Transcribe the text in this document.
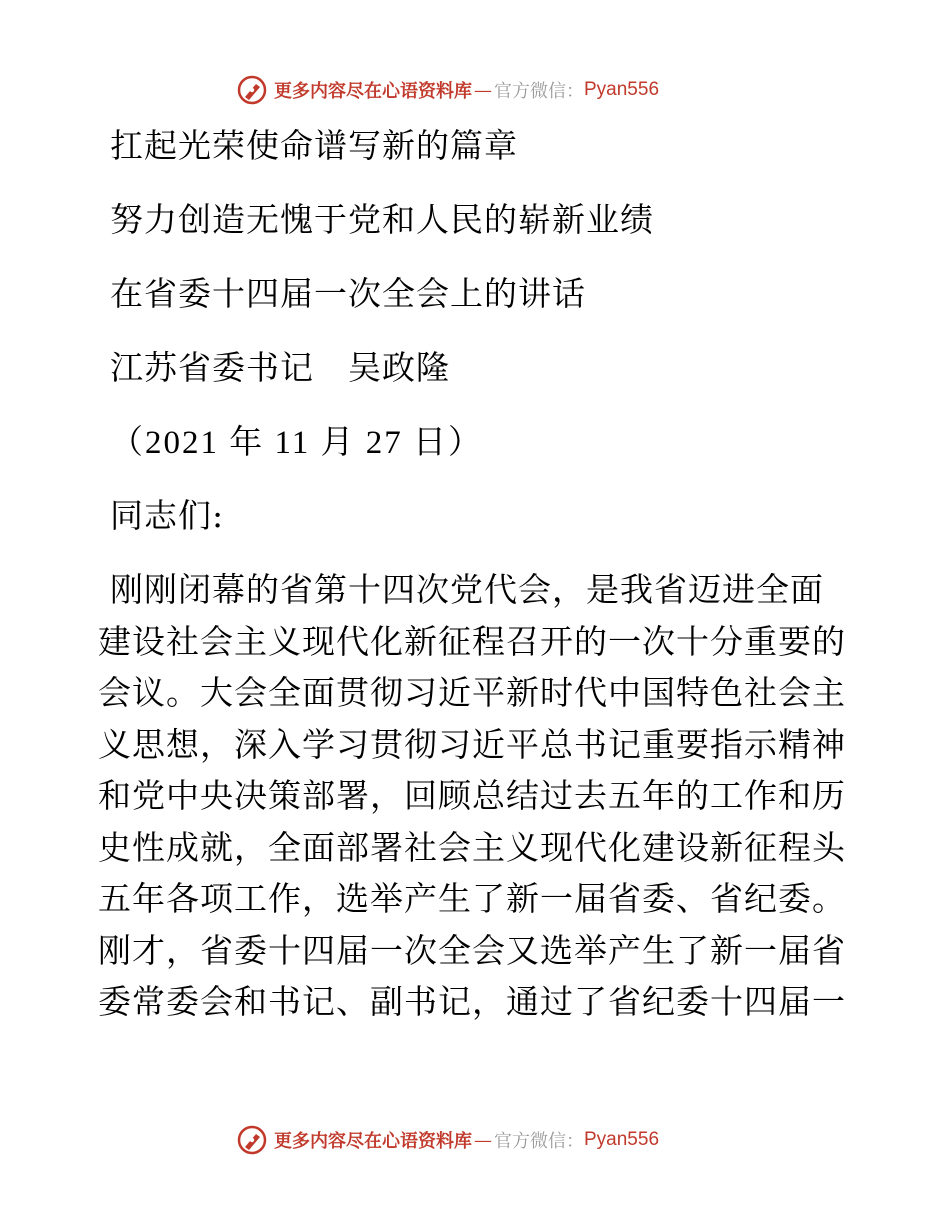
更多内容尽在心语资料库 — 官方微信： Pyan556
扛起光荣使命谱写新的篇章
努力创造无愧于党和人民的崭新业绩
在省委十四届一次全会上的讲话
江苏省委书记　吴政隆
（2021 年 11 月 27 日）
同志们:
刚刚闭幕的省第十四次党代会，是我省迈进全面
建设社会主义现代化新征程召开的一次十分重要的
会议。大会全面贯彻习近平新时代中国特色社会主
义思想，深入学习贯彻习近平总书记重要指示精神
和党中央决策部署，回顾总结过去五年的工作和历
史性成就，全面部署社会主义现代化建设新征程头
五年各项工作，选举产生了新一届省委、省纪委。
刚才，省委十四届一次全会又选举产生了新一届省
委常委会和书记、副书记，通过了省纪委十四届一
更多内容尽在心语资料库 — 官方微信： Pyan556
